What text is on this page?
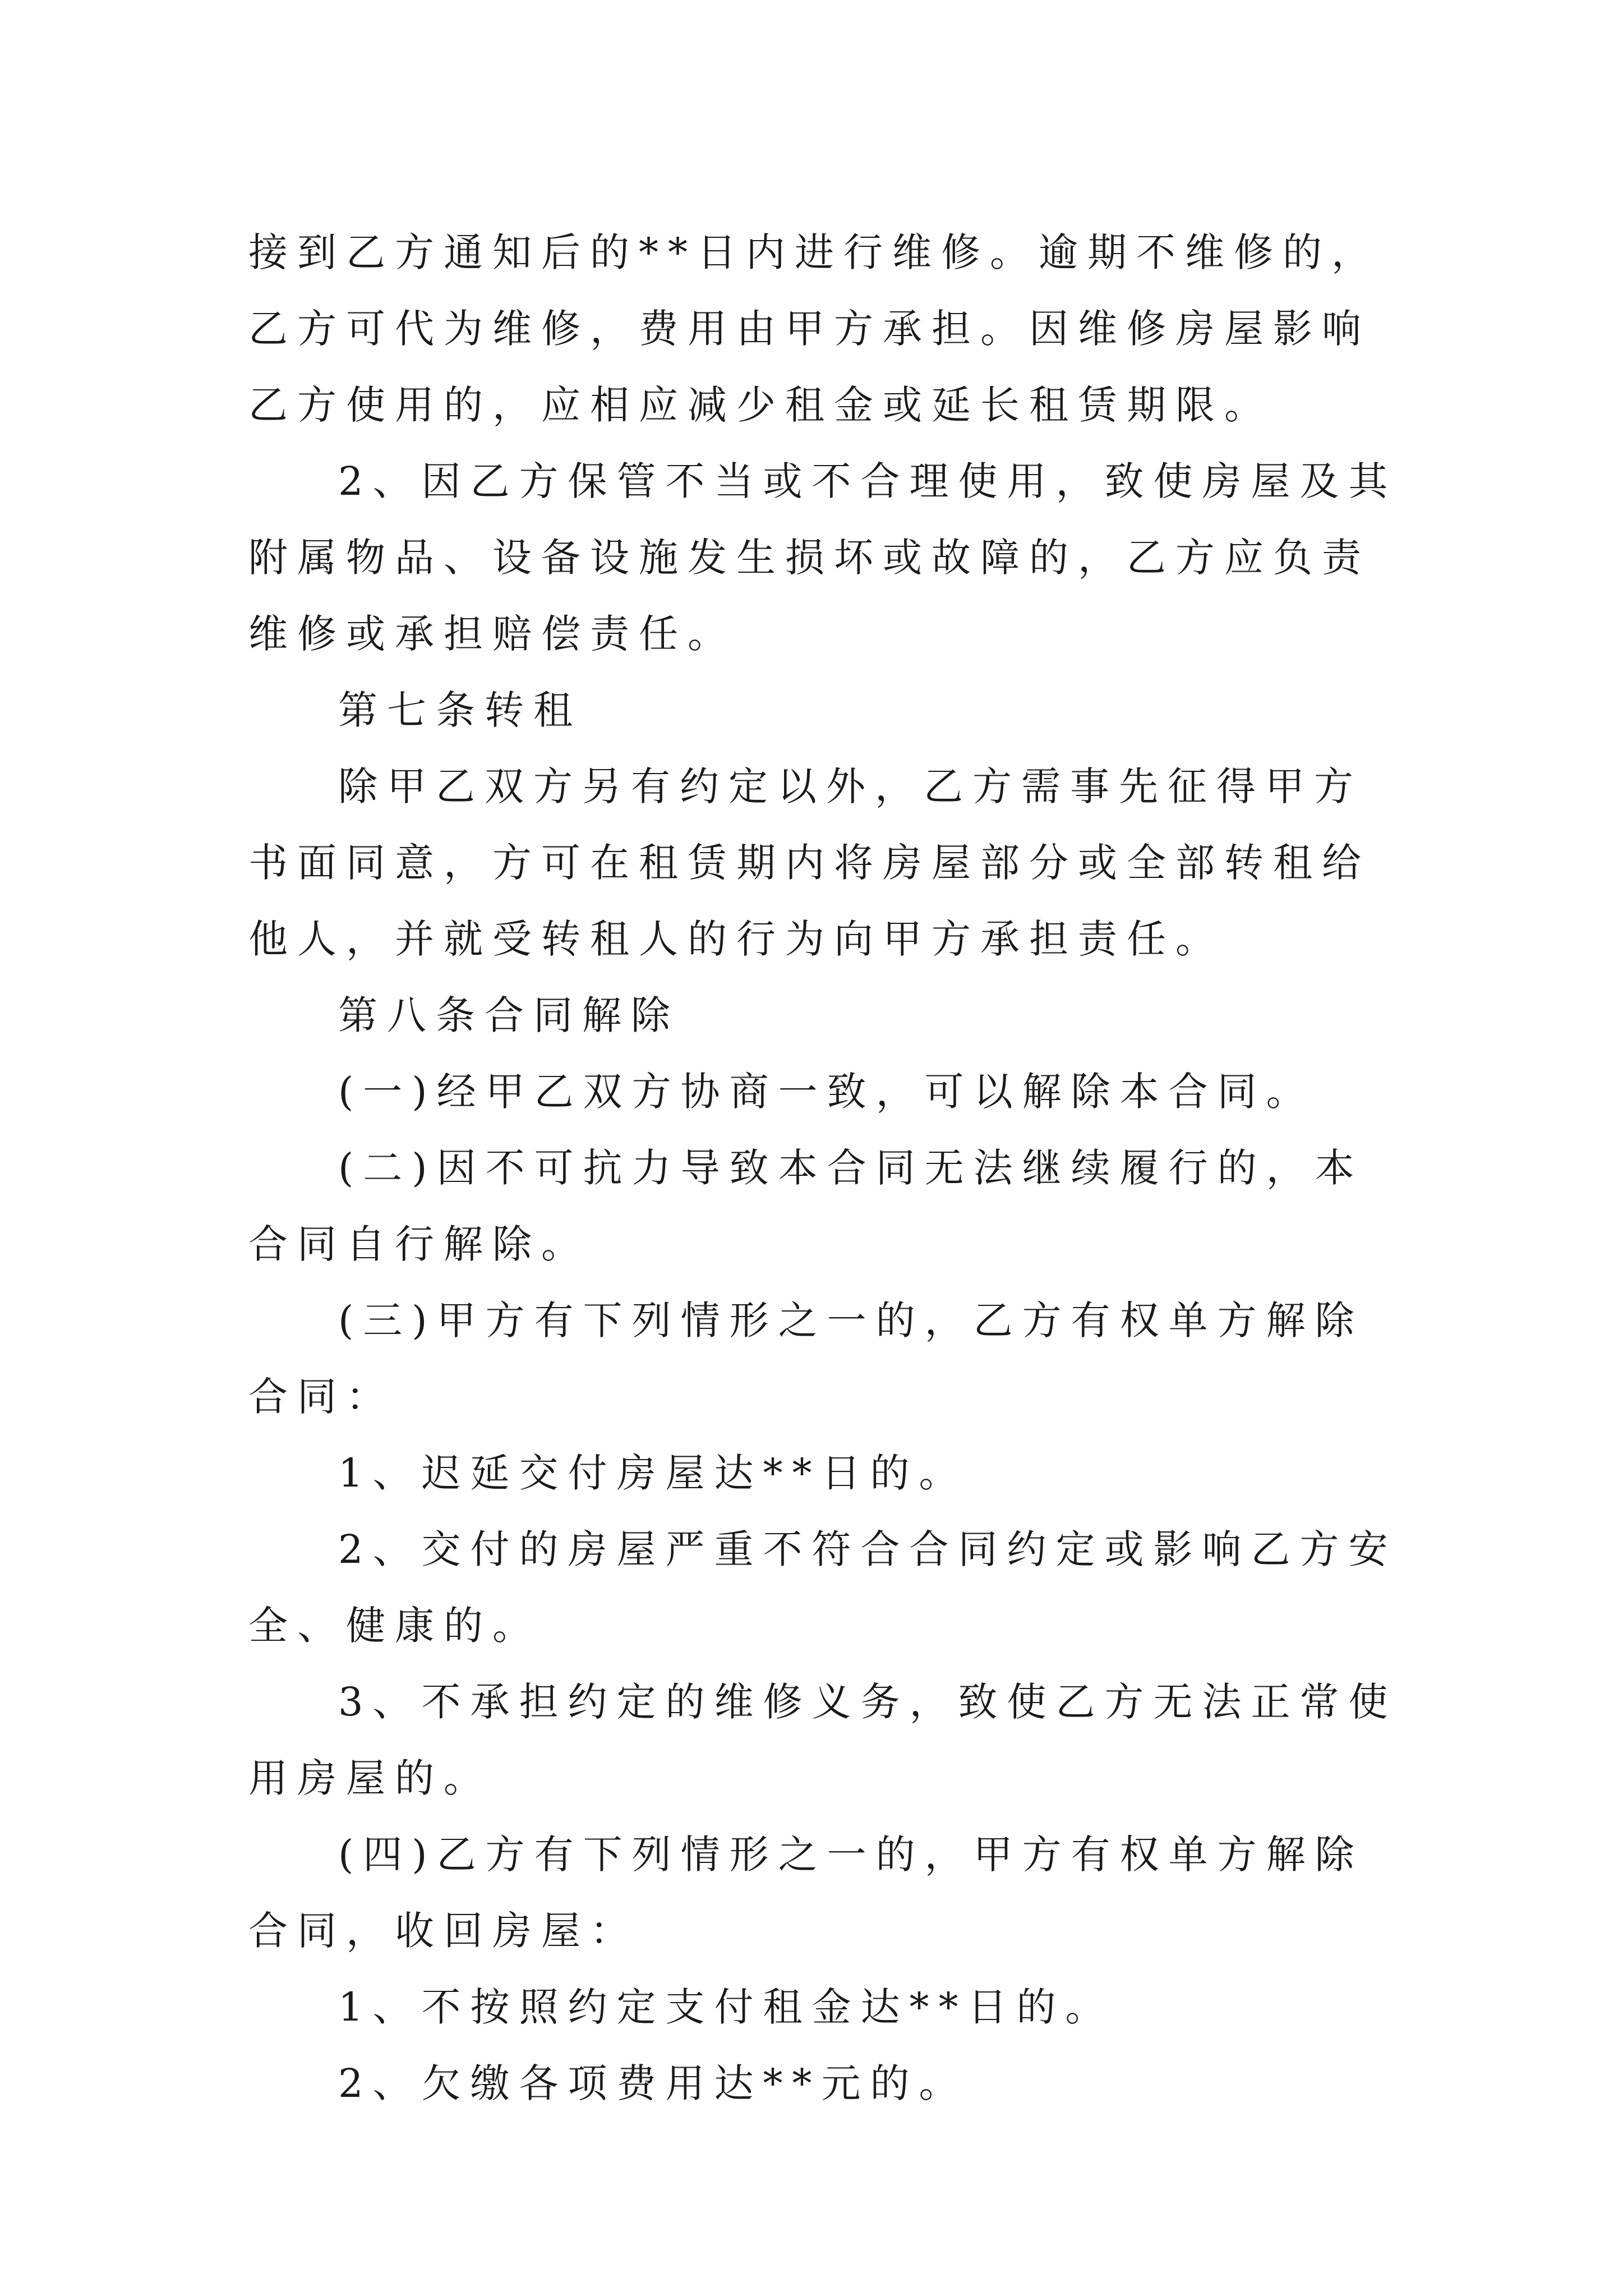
接到乙方通知后的**日内进行维修。逾期不维修的，乙方可代为维修，费用由甲方承担。因维修房屋影响乙方使用的，应相应减少租金或延长租赁期限。

2、因乙方保管不当或不合理使用，致使房屋及其附属物品、设备设施发生损坏或故障的，乙方应负责维修或承担赔偿责任。

第七条转租

除甲乙双方另有约定以外，乙方需事先征得甲方书面同意，方可在租赁期内将房屋部分或全部转租给他人，并就受转租人的行为向甲方承担责任。

第八条合同解除

(一)经甲乙双方协商一致，可以解除本合同。

(二)因不可抗力导致本合同无法继续履行的，本合同自行解除。

(三)甲方有下列情形之一的，乙方有权单方解除合同：

1、迟延交付房屋达**日的。

2、交付的房屋严重不符合合同约定或影响乙方安全、健康的。

3、不承担约定的维修义务，致使乙方无法正常使用房屋的。

(四)乙方有下列情形之一的，甲方有权单方解除合同，收回房屋：

1、不按照约定支付租金达**日的。

2、欠缴各项费用达**元的。
